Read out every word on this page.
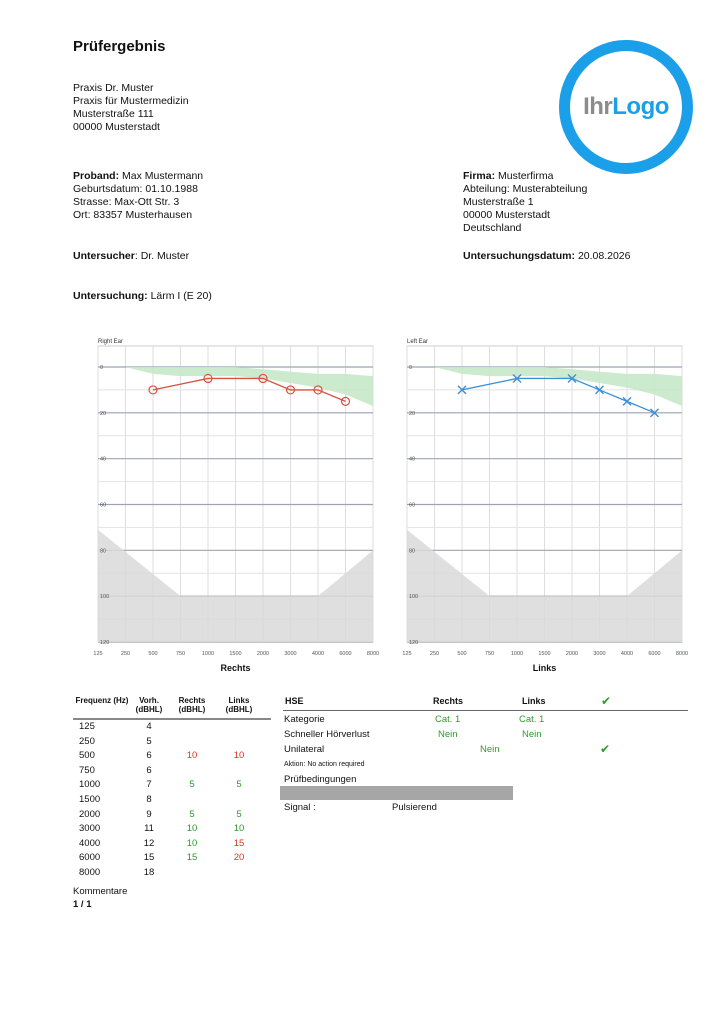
Prüfergebnis
Praxis Dr. Muster
Praxis für Mustermedizin
Musterstraße 111
00000 Musterstadt
IhrLogo
Proband: Max Mustermann
Geburtsdatum: 01.10.1988
Strasse: Max-Ott Str. 3
Ort: 83357 Musterhausen
Firma: Musterfirma
Abteilung: Musterabteilung
Musterstraße 1
00000 Musterstadt
Deutschland
Untersucher: Dr. Muster	Untersuchungsdatum: 20.08.2026
Untersuchung: Lärm I (E 20)
0
20
40
60
80
100
120
125	250	500	750	1000	1500	2000	3000	4000	6000	8000
Right Ear
Rechts
0
20
40
60
80
100
120
125	250	500	750	1000	1500	2000	3000	4000	6000	8000
Left Ear
Links
Frequenz (Hz)	Vorh. (dBHL)
Rechts (dBHL)
Links (dBHL)
125	4
250	5
500	6	10	10
750	6
1000	7	5	5
1500	8
2000	9	5	5
3000	11	10	10
4000	12	10	15
6000	15	15	20
8000	18
Kommentare
1 / 1
HSE	Rechts	Links	✔
Kategorie	Cat. 1	Cat. 1
Schneller Hörverlust	Nein	Nein
Unilateral	Nein	✔
Aktion: No action required
Prüfbedingungen
Signal :	Pulsierend
